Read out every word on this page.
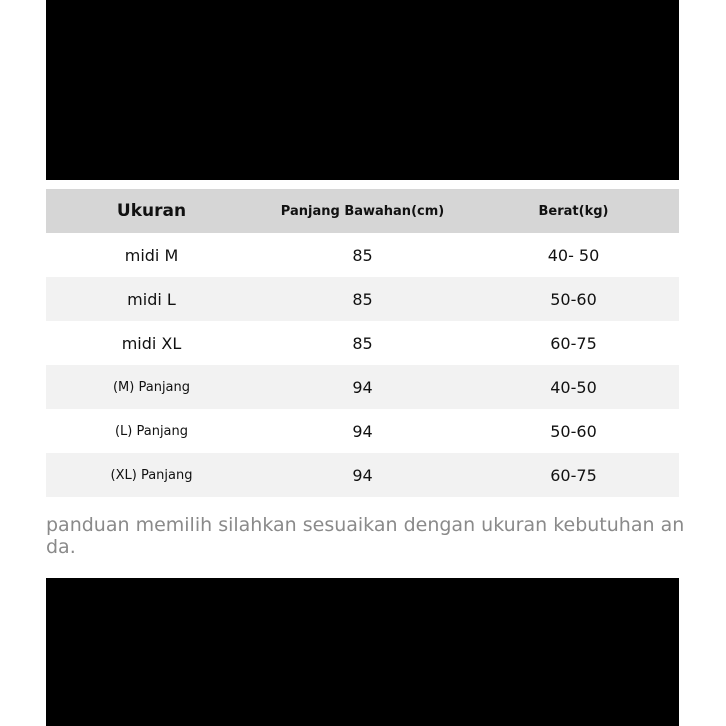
Ukuran	Panjang Bawahan(cm)	Berat(kg)
midi M	85	40- 50
midi L	85	50-60
midi XL	85	60-75
(M) Panjang	94	40-50
(L) Panjang	94	50-60
(XL) Panjang	94	60-75

panduan memilih silahkan sesuaikan dengan ukuran kebutuhan anda.
